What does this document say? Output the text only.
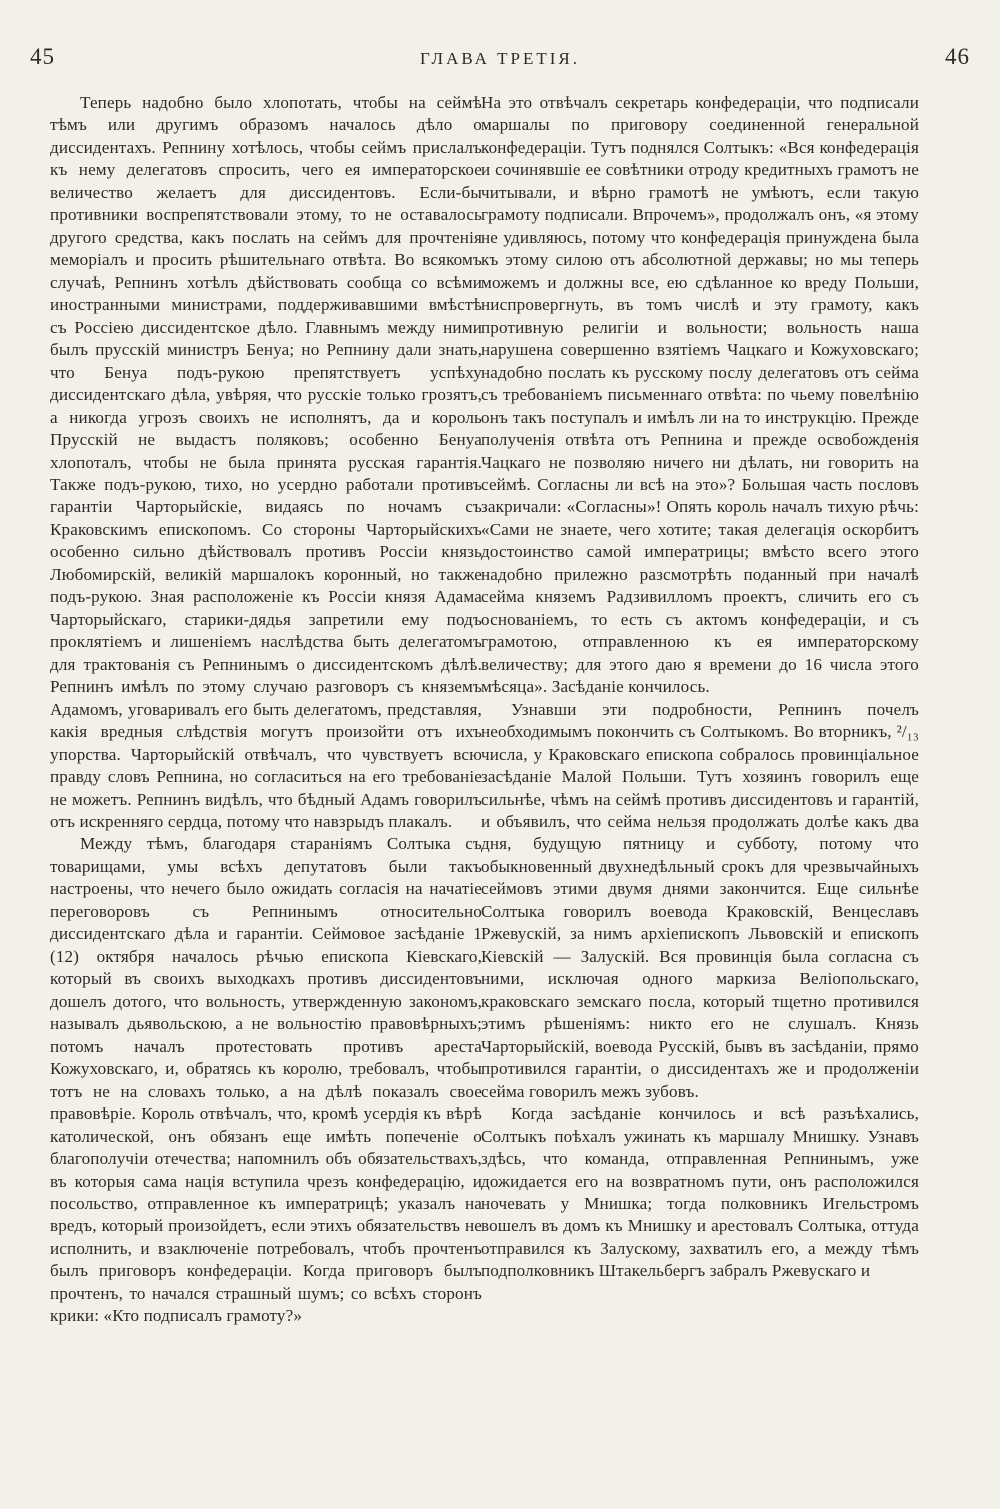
45	ГЛАВА ТРЕТІЯ.	46

Теперь надобно было хлопотать, чтобы на сеймѣ тѣмъ или другимъ образомъ началось дѣло о диссидентахъ. Репнину хотѣлось, чтобы сеймъ прислалъ къ нему делегатовъ спросить, чего ея императорское величество желаетъ для диссидентовъ. Если-бы противники воспрепятствовали этому, то не оставалось другого средства, какъ послать на сеймъ для прочтенія меморіалъ и просить рѣшительнаго отвѣта. Во всякомъ случаѣ, Репнинъ хотѣлъ дѣйствовать сообща со всѣми иностранными министрами, поддерживавшими вмѣстѣ съ Россіею диссидентское дѣло. Главнымъ между ними былъ прусскій министръ Бенуа; но Репнину дали знать, что Бенуа подъ-рукою препятствуетъ успѣху диссидентскаго дѣла, увѣряя, что русскіе только грозятъ, а никогда угрозъ своихъ не исполнятъ, да и король Прусскій не выдастъ поляковъ; особенно Бенуа хлопоталъ, чтобы не была принята русская гарантія. Также подъ-рукою, тихо, но усердно работали противъ гарантіи Чарторыйскіе, видаясь по ночамъ съ Краковскимъ епископомъ. Со стороны Чарторыйскихъ особенно сильно дѣйствовалъ противъ Россіи князь Любомирскій, великій маршалокъ коронный, но также подъ-рукою. Зная расположеніе къ Россіи князя Адама Чарторыйскаго, старики-дядья запретили ему подъ проклятіемъ и лишеніемъ наслѣдства быть делегатомъ для трактованія съ Репнинымъ о диссидентскомъ дѣлѣ. Репнинъ имѣлъ по этому случаю разговоръ съ княземъ Адамомъ, уговаривалъ его быть делегатомъ, представляя, какія вредныя слѣдствія могутъ произойти отъ ихъ упорства. Чарторыйскій отвѣчалъ, что чувствуетъ всю правду словъ Репнина, но согласиться на его требованіе не можетъ. Репнинъ видѣлъ, что бѣдный Адамъ говорилъ отъ искренняго сердца, потому что навзрыдъ плакалъ.

Между тѣмъ, благодаря стараніямъ Солтыка съ товарищами, умы всѣхъ депутатовъ были такъ настроены, что нечего было ожидать согласія на начатіе переговоровъ съ Репнинымъ относительно диссидентскаго дѣла и гарантіи. Сеймовое засѣданіе 1 (12) октября началось рѣчью епископа Кіевскаго, который въ своихъ выходкахъ противъ диссидентовъ дошелъ дотого, что вольность, утвержденную закономъ, называлъ дьявольскою, а не вольностію правовѣрныхъ; потомъ началъ протестовать противъ ареста Кожуховскаго, и, обратясь къ королю, требовалъ, чтобы тотъ не на словахъ только, а на дѣлѣ показалъ свое правовѣріе. Король отвѣчалъ, что, кромѣ усердія къ вѣрѣ католической, онъ обязанъ еще имѣть попеченіе о благополучіи отечества; напомнилъ объ обязательствахъ, въ которыя сама нація вступила чрезъ конфедерацію, и посольство, отправленное къ императрицѣ; указалъ на вредъ, который произойдетъ, если этихъ обязательствъ не исполнить, и взаключеніе потребовалъ, чтобъ прочтенъ былъ приговоръ конфедераціи. Когда приговоръ былъ прочтенъ, то начался страшный шумъ; со всѣхъ сторонъ крики: «Кто подписалъ грамоту?»

На это отвѣчалъ секретарь конфедераціи, что подписали маршалы по приговору соединенной генеральной конфедераціи. Тутъ поднялся Солтыкъ: «Вся конфедерація и сочинявшіе ее совѣтники отроду кредитныхъ грамотъ не читывали, и вѣрно грамотѣ не умѣютъ, если такую грамоту подписали. Впрочемъ», продолжалъ онъ, «я этому не удивляюсь, потому что конфедерація принуждена была къ этому силою отъ абсолютной державы; но мы теперь можемъ и должны все, ею сдѣланное ко вреду Польши, ниспровергнуть, въ томъ числѣ и эту грамоту, какъ противную религіи и вольности; вольность наша нарушена совершенно взятіемъ Чацкаго и Кожуховскаго; надобно послать къ русскому послу делегатовъ отъ сейма съ требованіемъ письменнаго отвѣта: по чьему повелѣнію онъ такъ поступалъ и имѣлъ ли на то инструкцію. Прежде полученія отвѣта отъ Репнина и прежде освобожденія Чацкаго не позволяю ничего ни дѣлать, ни говорить на сеймѣ. Согласны ли всѣ на это»? Большая часть пословъ закричали: «Согласны»! Опять король началъ тихую рѣчь: «Сами не знаете, чего хотите; такая делегація оскорбитъ достоинство самой императрицы; вмѣсто всего этого надобно прилежно разсмотрѣть поданный при началѣ сейма княземъ Радзивилломъ проектъ, сличить его съ основаніемъ, то есть съ актомъ конфедераціи, и съ грамотою, отправленною къ ея императорскому величеству; для этого даю я времени до 16 числа этого мѣсяца». Засѣданіе кончилось.

Узнавши эти подробности, Репнинъ почелъ необходимымъ покончить съ Солтыкомъ. Во вторникъ, ²/₁₃ числа, у Краковскаго епископа собралось провинціальное засѣданіе Малой Польши. Тутъ хозяинъ говорилъ еще сильнѣе, чѣмъ на сеймѣ противъ диссидентовъ и гарантій, и объявилъ, что сейма нельзя продолжать долѣе какъ два дня, будущую пятницу и субботу, потому что обыкновенный двухнедѣльный срокъ для чрезвычайныхъ сеймовъ этими двумя днями закончится. Еще сильнѣе Солтыка говорилъ воевода Краковскій, Венцеславъ Ржевускій, за нимъ архіепископъ Львовскій и епископъ Кіевскій — Залускій. Вся провинція была согласна съ ними, исключая одного маркиза Веліопольскаго, краковскаго земскаго посла, который тщетно противился этимъ рѣшеніямъ: никто его не слушалъ. Князь Чарторыйскій, воевода Русскій, бывъ въ засѣданіи, прямо противился гарантіи, о диссидентахъ же и продолженіи сейма говорилъ межъ зубовъ.

Когда засѣданіе кончилось и всѣ разъѣхались, Солтыкъ поѣхалъ ужинать къ маршалу Мнишку. Узнавъ здѣсь, что команда, отправленная Репнинымъ, уже дожидается его на возвратномъ пути, онъ расположился ночевать у Мнишка; тогда полковникъ Игельстромъ вошелъ въ домъ къ Мнишку и арестовалъ Солтыка, оттуда отправился къ Залускому, захватилъ его, а между тѣмъ подполковникъ Штакельбергъ забралъ Ржевускаго и
